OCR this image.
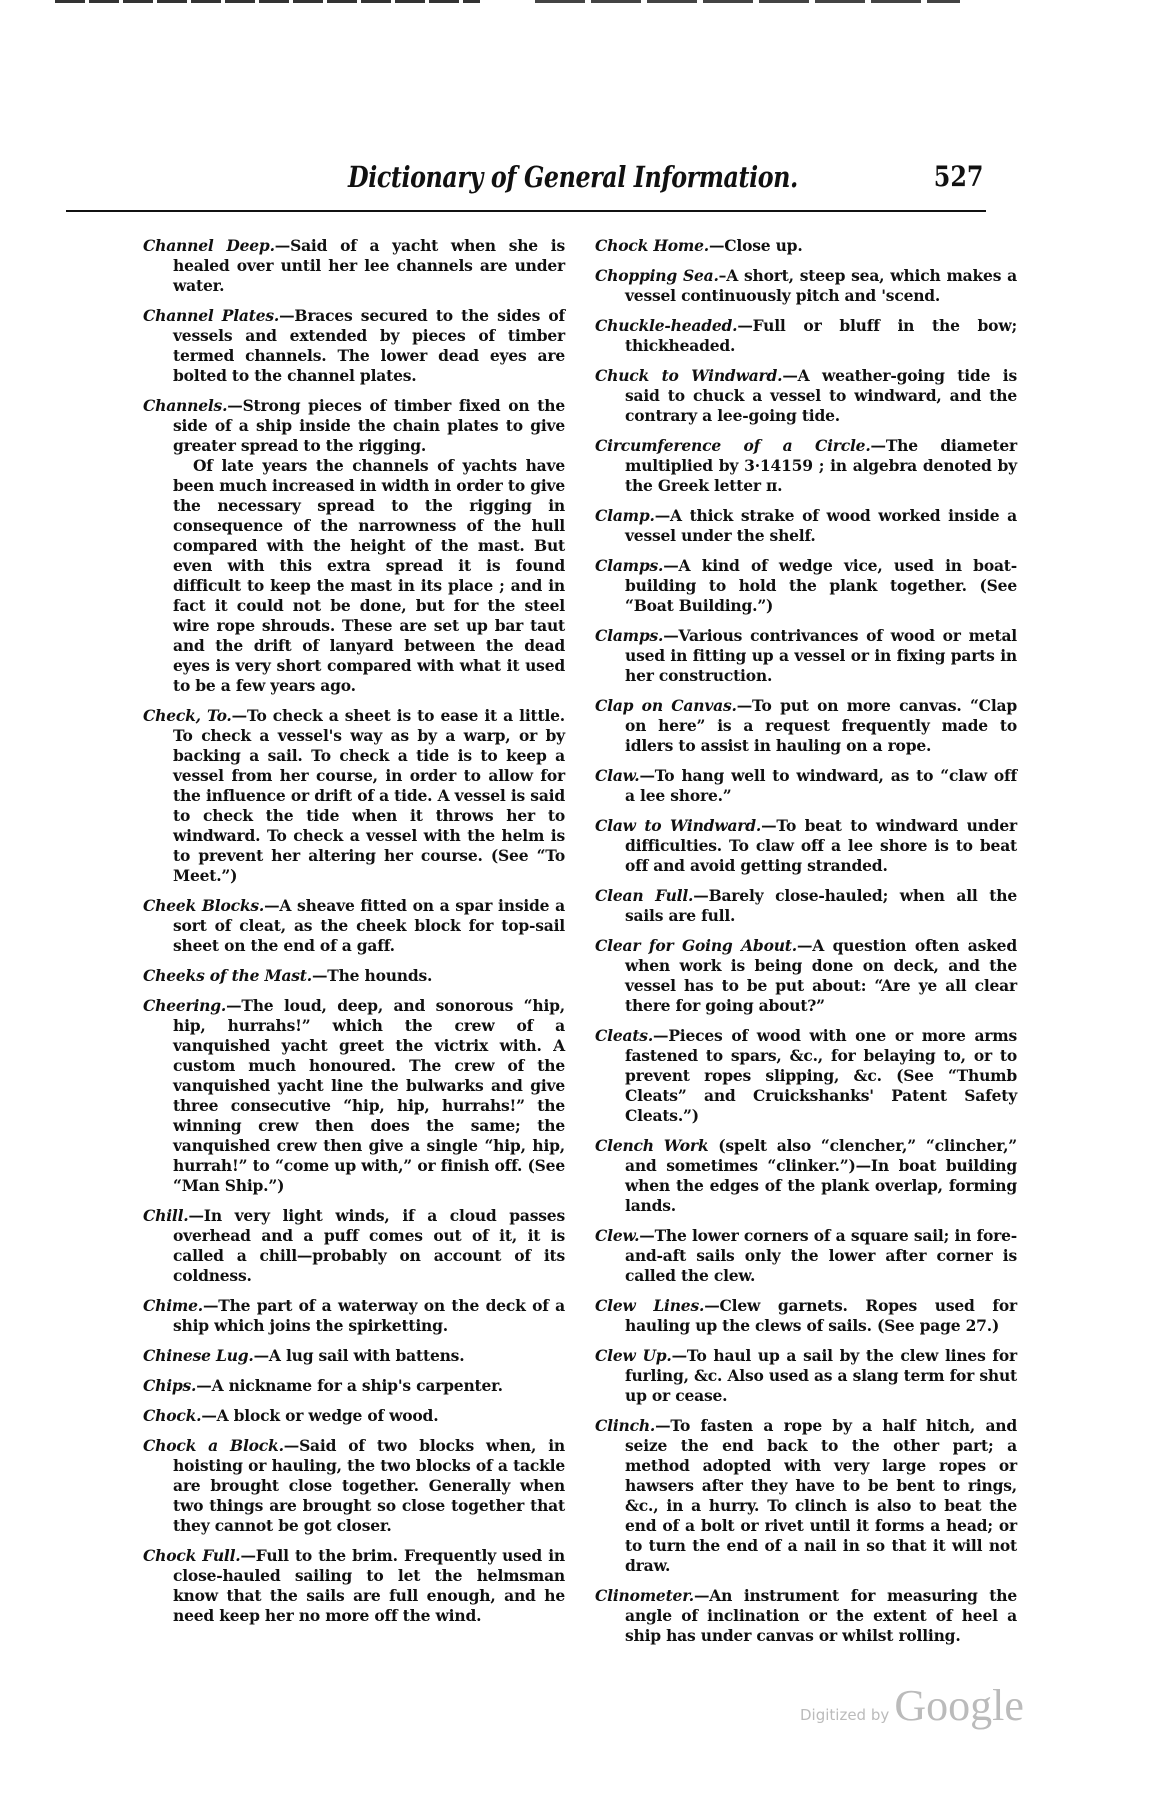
Dictionary of General Information.	527
Channel Deep.—Said of a yacht when she is healed over until her lee channels are under water.
Channel Plates.—Braces secured to the sides of vessels and extended by pieces of timber termed channels. The lower dead eyes are bolted to the channel plates.
Channels.—Strong pieces of timber fixed on the side of a ship inside the chain plates to give greater spread to the rigging.
Of late years the channels of yachts have been much increased in width in order to give the necessary spread to the rigging in consequence of the narrowness of the hull compared with the height of the mast. But even with this extra spread it is found difficult to keep the mast in its place ; and in fact it could not be done, but for the steel wire rope shrouds. These are set up bar taut and the drift of lanyard between the dead eyes is very short compared with what it used to be a few years ago.
Check, To.—To check a sheet is to ease it a little. To check a vessel's way as by a warp, or by backing a sail. To check a tide is to keep a vessel from her course, in order to allow for the influence or drift of a tide. A vessel is said to check the tide when it throws her to windward. To check a vessel with the helm is to prevent her altering her course. (See “To Meet.”)
Cheek Blocks.—A sheave fitted on a spar inside a sort of cleat, as the cheek block for top-sail sheet on the end of a gaff.
Cheeks of the Mast.—The hounds.
Cheering.—The loud, deep, and sonorous “hip, hip, hurrahs!” which the crew of a vanquished yacht greet the victrix with. A custom much honoured. The crew of the vanquished yacht line the bulwarks and give three consecutive “hip, hip, hurrahs!” the winning crew then does the same; the vanquished crew then give a single “hip, hip, hurrah!” to “come up with,” or finish off. (See “Man Ship.”)
Chill.—In very light winds, if a cloud passes overhead and a puff comes out of it, it is called a chill—probably on account of its coldness.
Chime.—The part of a waterway on the deck of a ship which joins the spirketting.
Chinese Lug.—A lug sail with battens.
Chips.—A nickname for a ship's carpenter.
Chock.—A block or wedge of wood.
Chock a Block.—Said of two blocks when, in hoisting or hauling, the two blocks of a tackle are brought close together. Generally when two things are brought so close together that they cannot be got closer.
Chock Full.—Full to the brim. Frequently used in close-hauled sailing to let the helmsman know that the sails are full enough, and he need keep her no more off the wind.
Chock Home.—Close up.
Chopping Sea.–A short, steep sea, which makes a vessel continuously pitch and 'scend.
Chuckle-headed.—Full or bluff in the bow; thickheaded.
Chuck to Windward.—A weather-going tide is said to chuck a vessel to windward, and the contrary a lee-going tide.
Circumference of a Circle.—The diameter multiplied by 3·14159 ; in algebra denoted by the Greek letter π.
Clamp.—A thick strake of wood worked inside a vessel under the shelf.
Clamps.—A kind of wedge vice, used in boat-building to hold the plank together. (See “Boat Building.”)
Clamps.—Various contrivances of wood or metal used in fitting up a vessel or in fixing parts in her construction.
Clap on Canvas.—To put on more canvas. “Clap on here” is a request frequently made to idlers to assist in hauling on a rope.
Claw.—To hang well to windward, as to “claw off a lee shore.”
Claw to Windward.—To beat to windward under difficulties. To claw off a lee shore is to beat off and avoid getting stranded.
Clean Full.—Barely close-hauled; when all the sails are full.
Clear for Going About.—A question often asked when work is being done on deck, and the vessel has to be put about: “Are ye all clear there for going about?”
Cleats.—Pieces of wood with one or more arms fastened to spars, &c., for belaying to, or to prevent ropes slipping, &c. (See “Thumb Cleats” and Cruickshanks' Patent Safety Cleats.”)
Clench Work (spelt also “clencher,” “clincher,” and sometimes “clinker.”)—In boat building when the edges of the plank overlap, forming lands.
Clew.—The lower corners of a square sail; in fore-and-aft sails only the lower after corner is called the clew.
Clew Lines.—Clew garnets. Ropes used for hauling up the clews of sails. (See page 27.)
Clew Up.—To haul up a sail by the clew lines for furling, &c. Also used as a slang term for shut up or cease.
Clinch.—To fasten a rope by a half hitch, and seize the end back to the other part; a method adopted with very large ropes or hawsers after they have to be bent to rings, &c., in a hurry. To clinch is also to beat the end of a bolt or rivet until it forms a head; or to turn the end of a nail in so that it will not draw.
Clinometer.—An instrument for measuring the angle of inclination or the extent of heel a ship has under canvas or whilst rolling.
Digitized by Google
